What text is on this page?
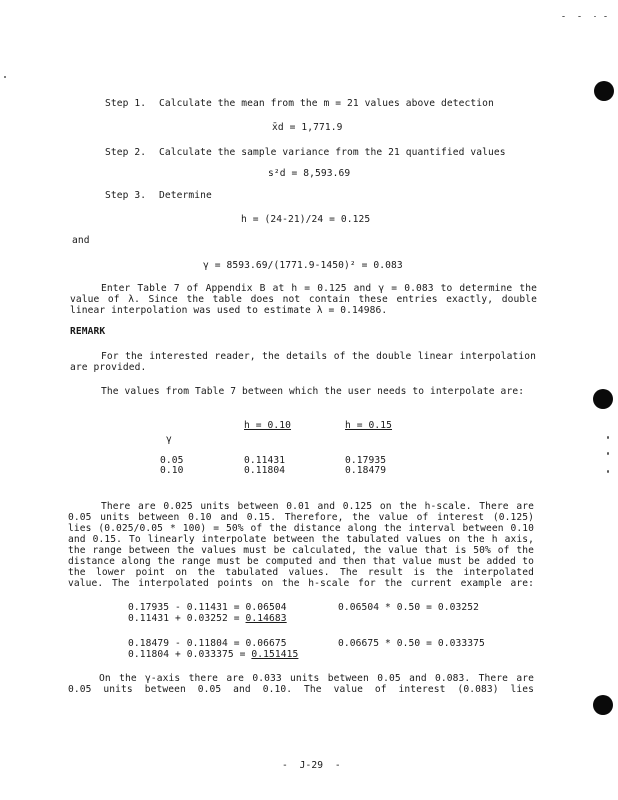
Step 1. Calculate the mean from the m = 21 values above detection
x̄d = 1,771.9
Step 2. Calculate the sample variance from the 21 quantified values
s²d = 8,593.69
Step 3. Determine
h = (24-21)/24 = 0.125
and
γ = 8593.69/(1771.9-1450)² = 0.083
Enter Table 7 of Appendix B at h = 0.125 and γ = 0.083 to determine the
value of λ. Since the table does not contain these entries exactly, double
linear interpolation was used to estimate λ = 0.14986.
REMARK
For the interested reader, the details of the double linear interpolation
are provided.
The values from Table 7 between which the user needs to interpolate are:
h = 0.10	h = 0.15
γ
0.05	0.11431	0.17935
0.10	0.11804	0.18479
There are 0.025 units between 0.01 and 0.125 on the h-scale. There are
0.05 units between 0.10 and 0.15. Therefore, the value of interest (0.125)
lies (0.025/0.05 * 100) = 50% of the distance along the interval between 0.10
and 0.15. To linearly interpolate between the tabulated values on the h axis,
the range between the values must be calculated, the value that is 50% of the
distance along the range must be computed and then that value must be added to
the lower point on the tabulated values. The result is the interpolated
value. The interpolated points on the h-scale for the current example are:
0.17935 - 0.11431 = 0.06504	0.06504 * 0.50 = 0.03252
0.11431 + 0.03252 = 0.14683
0.18479 - 0.11804 = 0.06675	0.06675 * 0.50 = 0.033375
0.11804 + 0.033375 = 0.151415
On the γ-axis there are 0.033 units between 0.05 and 0.083. There are
0.05 units between 0.05 and 0.10. The value of interest (0.083) lies
-  J-29  -
